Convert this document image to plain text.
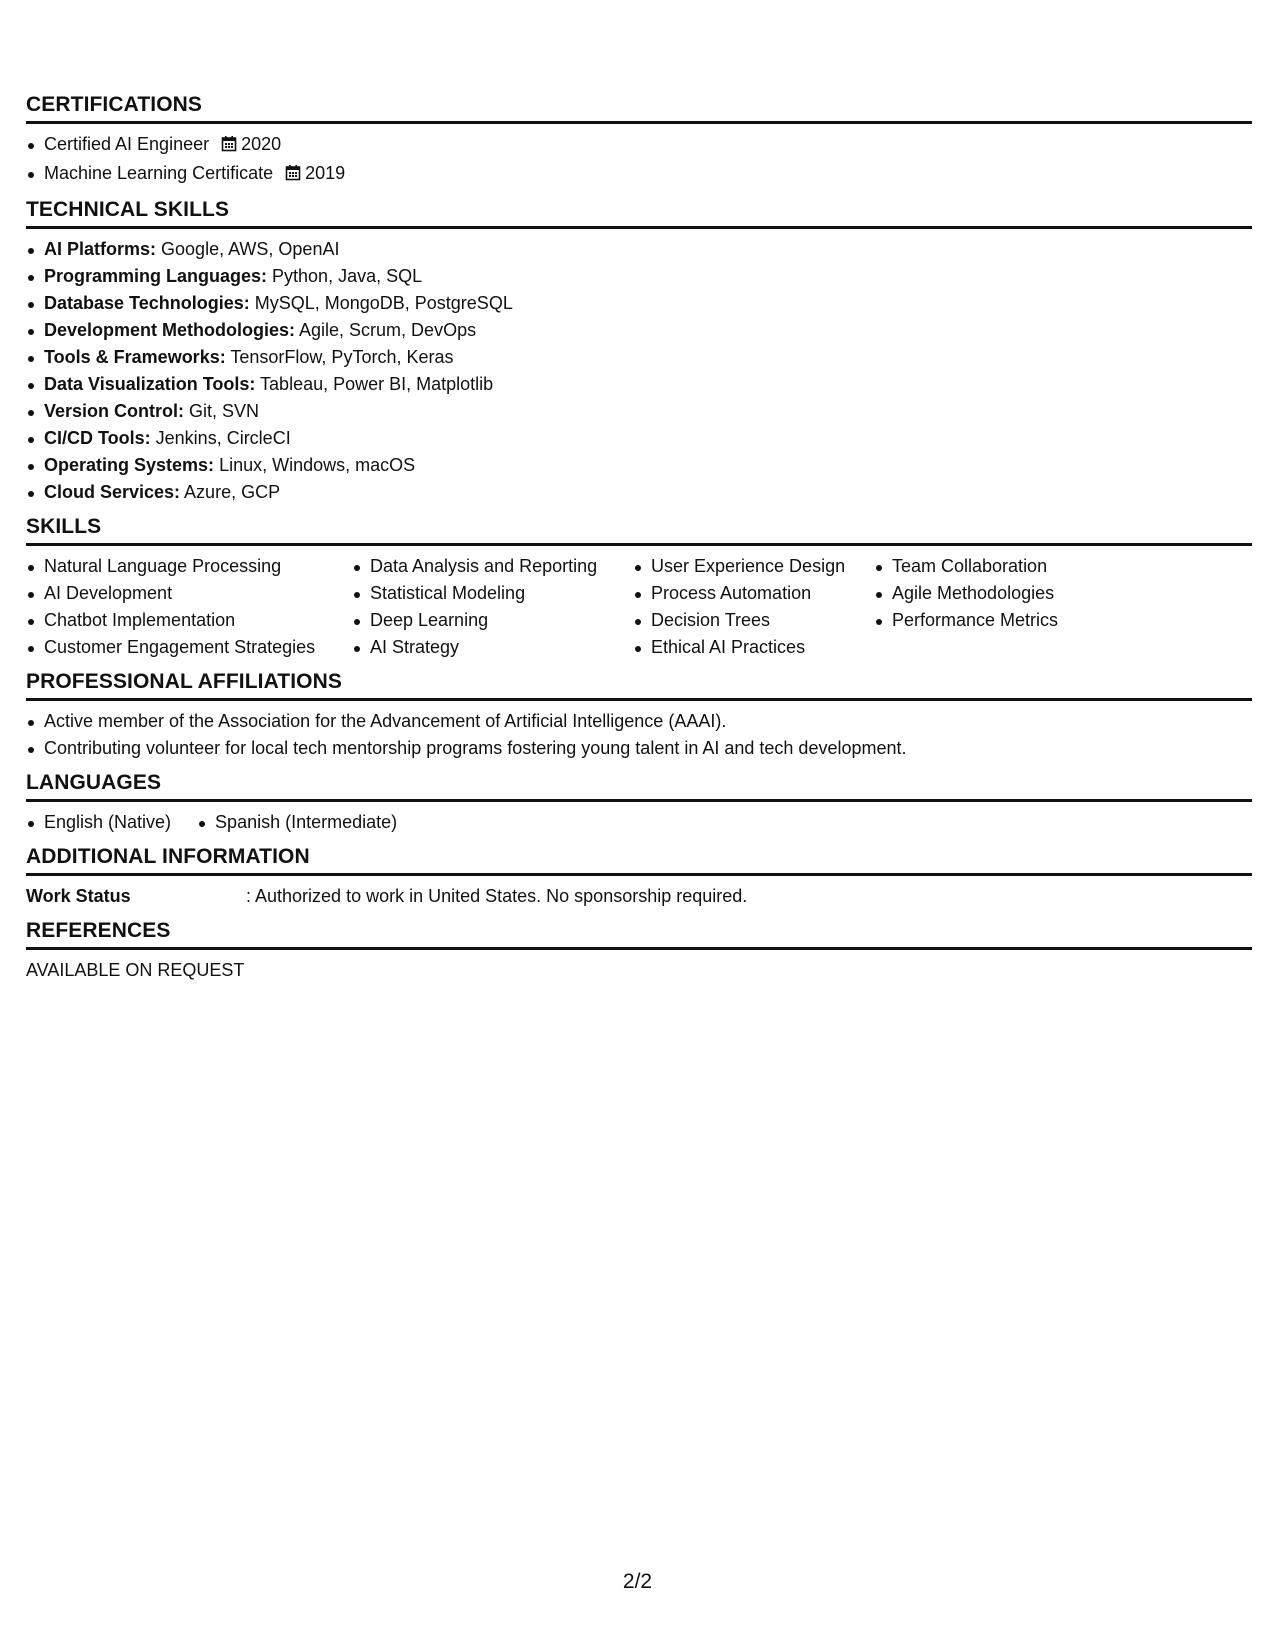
CERTIFICATIONS
Certified AI Engineer 2020
Machine Learning Certificate 2019
TECHNICAL SKILLS
AI Platforms: Google, AWS, OpenAI
Programming Languages: Python, Java, SQL
Database Technologies: MySQL, MongoDB, PostgreSQL
Development Methodologies: Agile, Scrum, DevOps
Tools & Frameworks: TensorFlow, PyTorch, Keras
Data Visualization Tools: Tableau, Power BI, Matplotlib
Version Control: Git, SVN
CI/CD Tools: Jenkins, CircleCI
Operating Systems: Linux, Windows, macOS
Cloud Services: Azure, GCP
SKILLS
Natural Language Processing
AI Development
Chatbot Implementation
Customer Engagement Strategies
Data Analysis and Reporting
Statistical Modeling
Deep Learning
AI Strategy
User Experience Design
Process Automation
Decision Trees
Ethical AI Practices
Team Collaboration
Agile Methodologies
Performance Metrics
PROFESSIONAL AFFILIATIONS
Active member of the Association for the Advancement of Artificial Intelligence (AAAI).
Contributing volunteer for local tech mentorship programs fostering young talent in AI and tech development.
LANGUAGES
English (Native)	Spanish (Intermediate)
ADDITIONAL INFORMATION
Work Status	: Authorized to work in United States. No sponsorship required.
REFERENCES
AVAILABLE ON REQUEST
2/2
